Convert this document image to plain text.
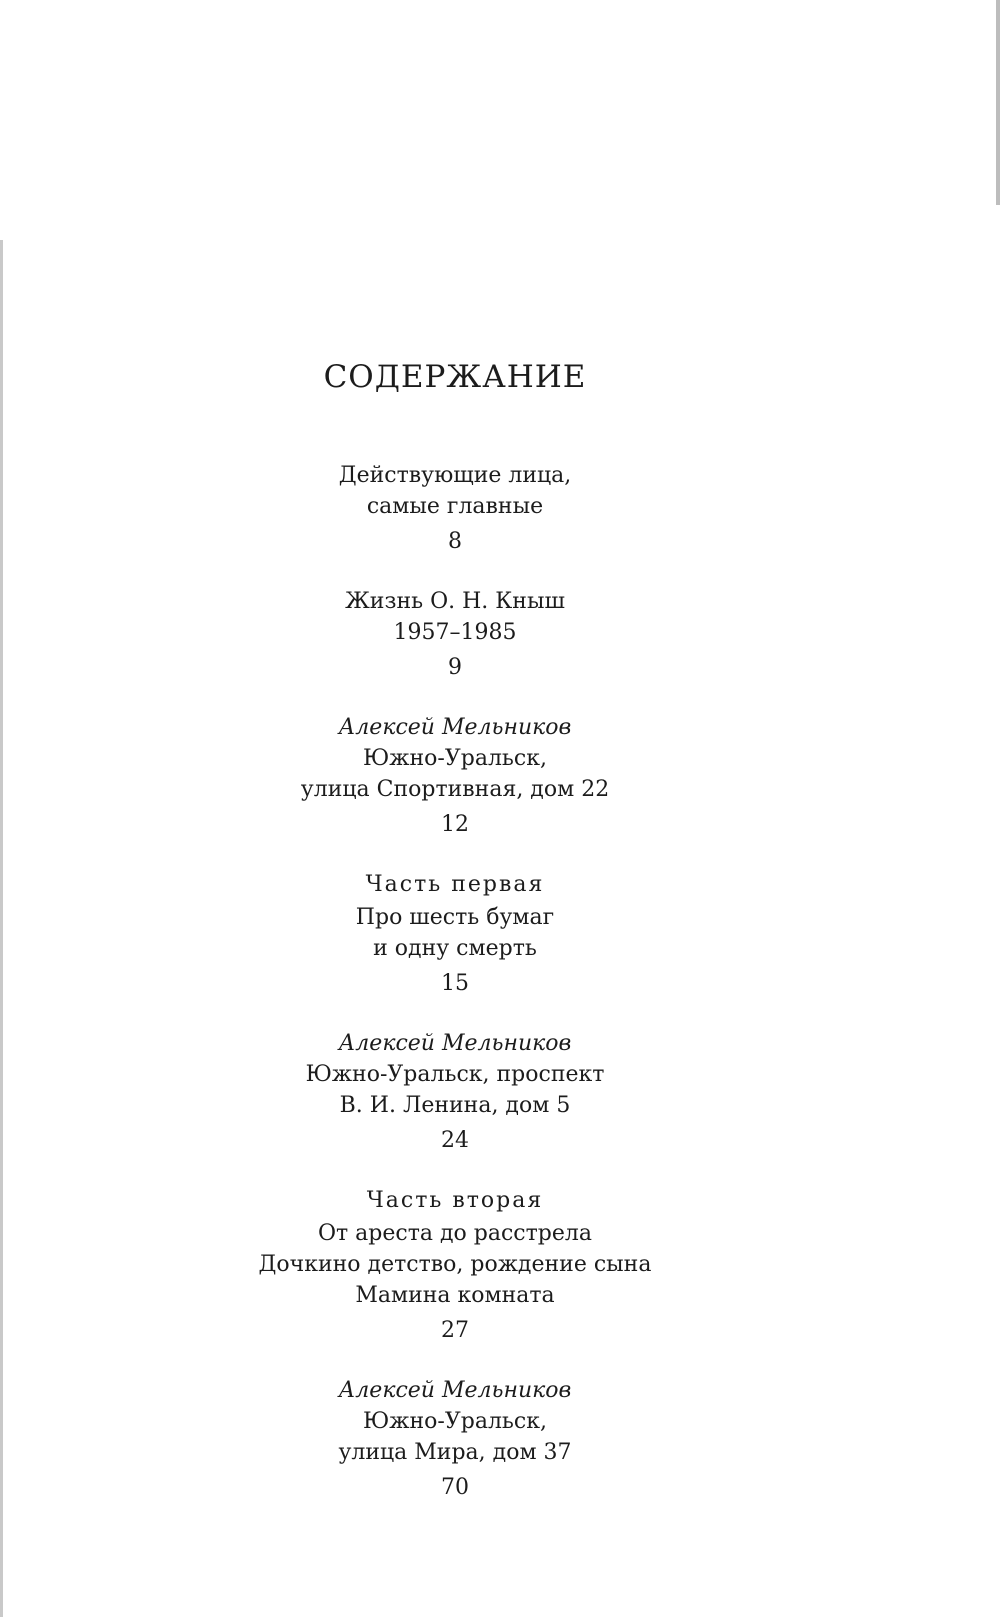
СОДЕРЖАНИЕ
Действующие лица,
самые главные
8
Жизнь О. Н. Кныш
1957–1985
9
Алексей Мельников
Южно-Уральск,
улица Спортивная, дом 22
12
Часть первая
Про шесть бумаг
и одну смерть
15
Алексей Мельников
Южно-Уральск, проспект
В. И. Ленина, дом 5
24
Часть вторая
От ареста до расстрела
Дочкино детство, рождение сына
Мамина комната
27
Алексей Мельников
Южно-Уральск,
улица Мира, дом 37
70
